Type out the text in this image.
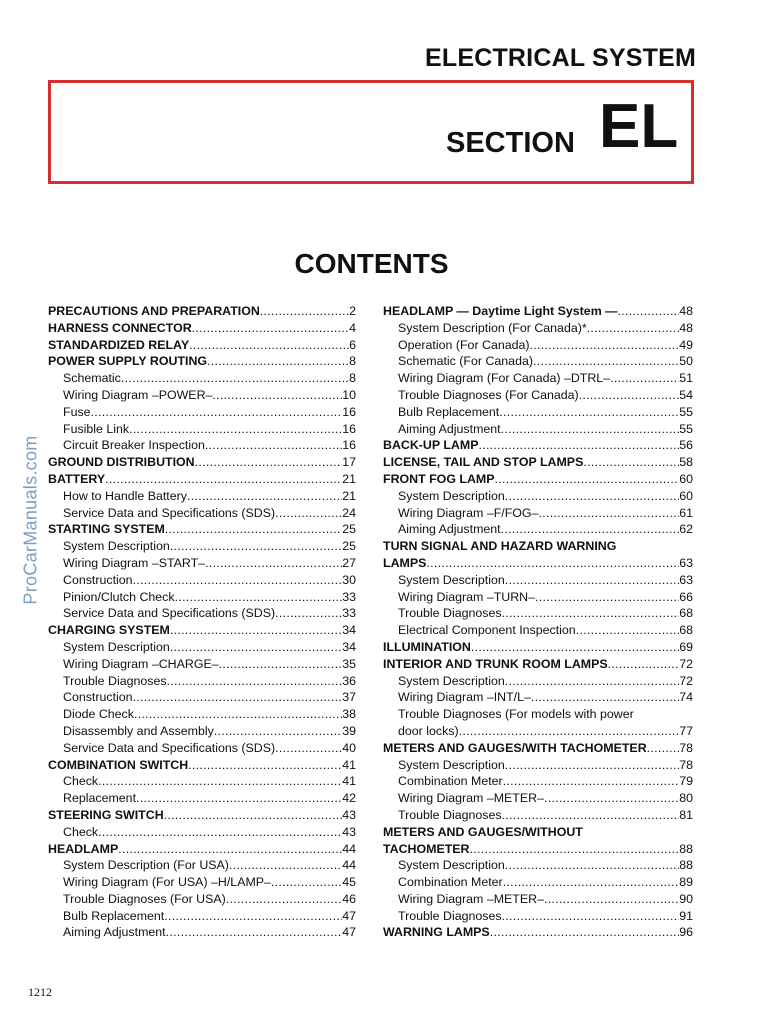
ELECTRICAL SYSTEM
SECTION EL
CONTENTS
ProCarManuals.com
PRECAUTIONS AND PREPARATION .....	2
HARNESS CONNECTOR .....	4
STANDARDIZED RELAY .....	6
POWER SUPPLY ROUTING .....	8
Schematic .....	8
Wiring Diagram –POWER– .....	10
Fuse .....	16
Fusible Link .....	16
Circuit Breaker Inspection .....	16
GROUND DISTRIBUTION .....	17
BATTERY .....	21
How to Handle Battery .....	21
Service Data and Specifications (SDS) .....	24
STARTING SYSTEM .....	25
System Description .....	25
Wiring Diagram –START– .....	27
Construction .....	30
Pinion/Clutch Check .....	33
Service Data and Specifications (SDS) .....	33
CHARGING SYSTEM .....	34
System Description .....	34
Wiring Diagram –CHARGE– .....	35
Trouble Diagnoses .....	36
Construction .....	37
Diode Check .....	38
Disassembly and Assembly .....	39
Service Data and Specifications (SDS) .....	40
COMBINATION SWITCH .....	41
Check .....	41
Replacement .....	42
STEERING SWITCH .....	43
Check .....	43
HEADLAMP .....	44
System Description (For USA) .....	44
Wiring Diagram (For USA) –H/LAMP– .....	45
Trouble Diagnoses (For USA) .....	46
Bulb Replacement .....	47
Aiming Adjustment .....	47
HEADLAMP — Daytime Light System — .....	48
System Description (For Canada)* .....	48
Operation (For Canada) .....	49
Schematic (For Canada) .....	50
Wiring Diagram (For Canada) –DTRL– .....	51
Trouble Diagnoses (For Canada) .....	54
Bulb Replacement .....	55
Aiming Adjustment .....	55
BACK-UP LAMP .....	56
LICENSE, TAIL AND STOP LAMPS .....	58
FRONT FOG LAMP .....	60
System Description .....	60
Wiring Diagram –F/FOG– .....	61
Aiming Adjustment .....	62
TURN SIGNAL AND HAZARD WARNING
LAMPS .....	63
System Description .....	63
Wiring Diagram –TURN– .....	66
Trouble Diagnoses .....	68
Electrical Component Inspection .....	68
ILLUMINATION .....	69
INTERIOR AND TRUNK ROOM LAMPS .....	72
System Description .....	72
Wiring Diagram –INT/L– .....	74
Trouble Diagnoses (For models with power
door locks) .....	77
METERS AND GAUGES/WITH TACHOMETER .....	78
System Description .....	78
Combination Meter .....	79
Wiring Diagram –METER– .....	80
Trouble Diagnoses .....	81
METERS AND GAUGES/WITHOUT
TACHOMETER .....	88
System Description .....	88
Combination Meter .....	89
Wiring Diagram –METER– .....	90
Trouble Diagnoses .....	91
WARNING LAMPS .....	96
1212
